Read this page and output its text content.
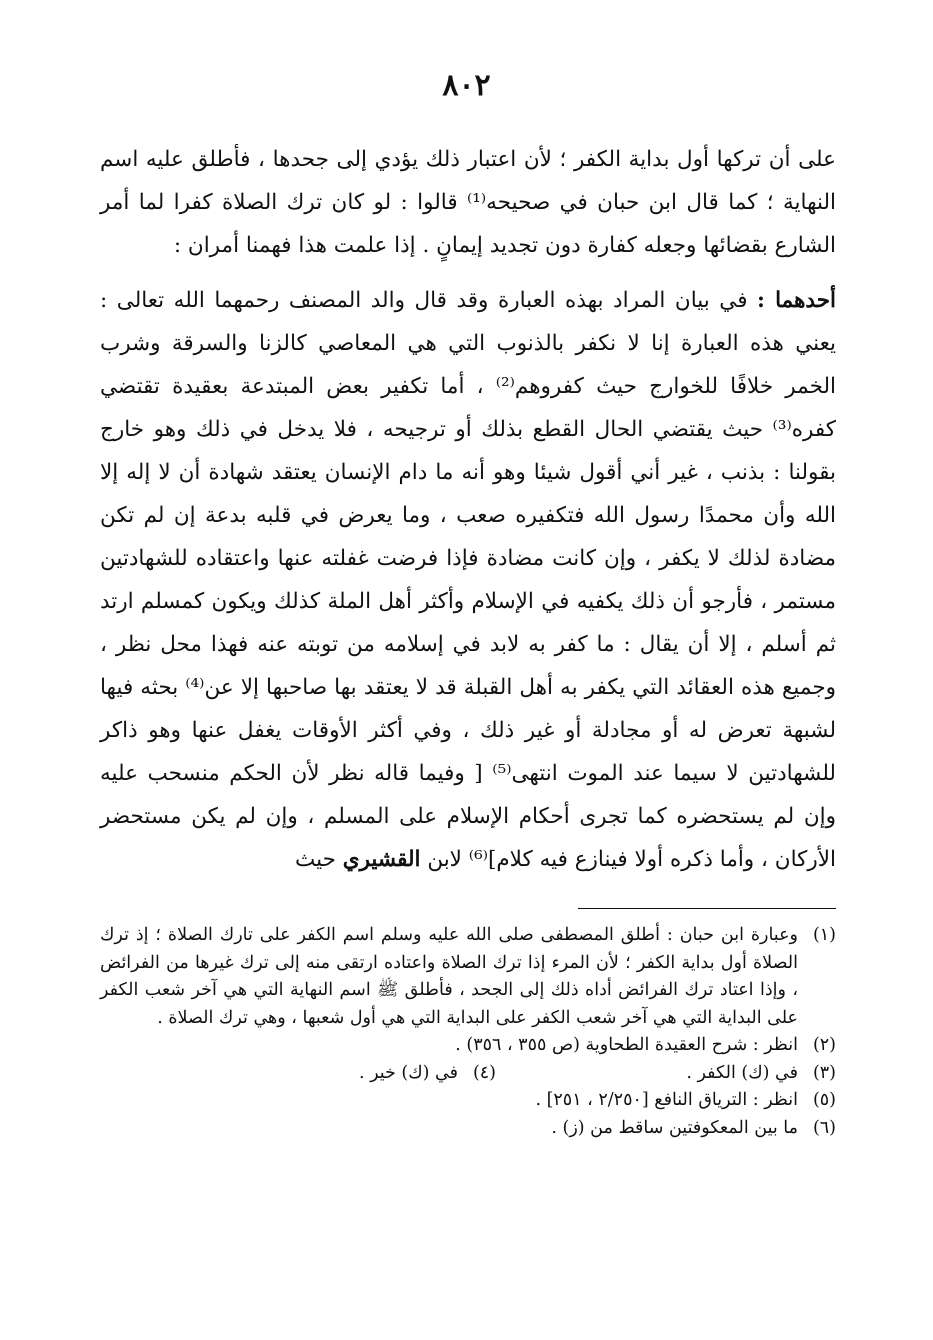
٨٠٢

على أن تركها أول بداية الكفر ؛ لأن اعتبار ذلك يؤدي إلى جحدها ، فأطلق عليه اسم النهاية ؛ كما قال ابن حبان في صحيحه⁽¹⁾ قالوا : لو كان ترك الصلاة كفرا لما أمر الشارع بقضائها وجعله كفارة دون تجديد إيمانٍ . إذا علمت هذا فهمنا أمران :

أحدهما : في بيان المراد بهذه العبارة وقد قال والد المصنف رحمهما الله تعالى : يعني هذه العبارة إنا لا نكفر بالذنوب التي هي المعاصي كالزنا والسرقة وشرب الخمر خلافًا للخوارج حيث كفروهم⁽²⁾ ، أما تكفير بعض المبتدعة بعقيدة تقتضي كفره⁽³⁾ حيث يقتضي الحال القطع بذلك أو ترجيحه ، فلا يدخل في ذلك وهو خارج بقولنا : بذنب ، غير أني أقول شيئا وهو أنه ما دام الإنسان يعتقد شهادة أن لا إله إلا الله وأن محمدًا رسول الله فتكفيره صعب ، وما يعرض في قلبه بدعة إن لم تكن مضادة لذلك لا يكفر ، وإن كانت مضادة فإذا فرضت غفلته عنها واعتقاده للشهادتين مستمر ، فأرجو أن ذلك يكفيه في الإسلام وأكثر أهل الملة كذلك ويكون كمسلم ارتد ثم أسلم ، إلا أن يقال : ما كفر به لابد في إسلامه من توبته عنه فهذا محل نظر ، وجميع هذه العقائد التي يكفر به أهل القبلة قد لا يعتقد بها صاحبها إلا عن⁽⁴⁾ بحثه فيها لشبهة تعرض له أو مجادلة أو غير ذلك ، وفي أكثر الأوقات يغفل عنها وهو ذاكر للشهادتين لا سيما عند الموت انتهى⁽⁵⁾ [ وفيما قاله نظر لأن الحكم منسحب عليه وإن لم يستحضره كما تجرى أحكام الإسلام على المسلم ، وإن لم يكن مستحضر الأركان ، وأما ذكره أولا فينازع فيه كلام]⁽⁶⁾ لابن القشيري حيث

(١)
وعبارة ابن حبان : أطلق المصطفى صلى الله عليه وسلم اسم الكفر على تارك الصلاة ؛ إذ ترك الصلاة أول بداية الكفر ؛ لأن المرء إذا ترك الصلاة واعتاده ارتقى منه إلى ترك غيرها من الفرائض ، وإذا اعتاد ترك الفرائض أداه ذلك إلى الجحد ، فأطلق ﷺ اسم النهاية التي هي آخر شعب الكفر على البداية التي هي آخر شعب الكفر على البداية التي هي أول شعبها ، وهي ترك الصلاة .
(٢)
انظر : شرح العقيدة الطحاوية (ص ٣٥٥ ، ٣٥٦) .
(٣)
في (ك) الكفر .
(٤)
في (ك) خير .
(٥)
انظر : الترياق النافع [٢/٢٥٠ ، ٢٥١] .
(٦)
ما بين المعكوفتين ساقط من (ز) .
